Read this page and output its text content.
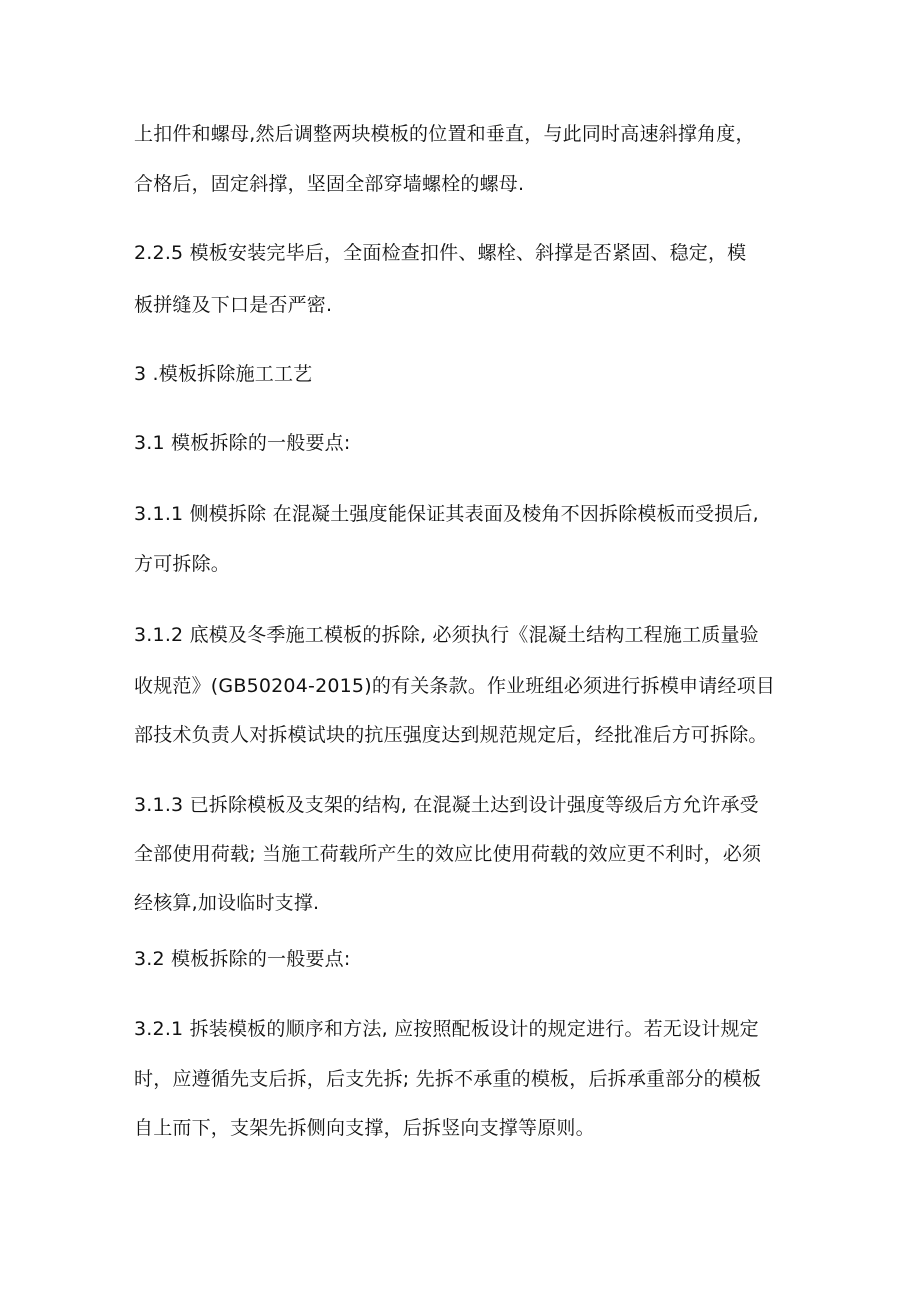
上扣件和螺母,然后调整两块模板的位置和垂直，与此同时高速斜撑角度，
合格后，固定斜撑，坚固全部穿墙螺栓的螺母.
2.2.5 模板安装完毕后，全面检查扣件、螺栓、斜撑是否紧固、稳定，模
板拼缝及下口是否严密.
3 .模板拆除施工工艺
3.1 模板拆除的一般要点:
3.1.1 侧模拆除 在混凝土强度能保证其表面及棱角不因拆除模板而受损后,
方可拆除。
3.1.2 底模及冬季施工模板的拆除, 必须执行《混凝土结构工程施工质量验
收规范》(GB50204-2015)的有关条款。作业班组必须进行拆模申请经项目
部技术负责人对拆模试块的抗压强度达到规范规定后，经批准后方可拆除。
3.1.3 已拆除模板及支架的结构, 在混凝土达到设计强度等级后方允许承受
全部使用荷载; 当施工荷载所产生的效应比使用荷载的效应更不利时，必须
经核算,加设临时支撑.
3.2 模板拆除的一般要点:
3.2.1 拆装模板的顺序和方法, 应按照配板设计的规定进行。若无设计规定
时，应遵循先支后拆，后支先拆; 先拆不承重的模板，后拆承重部分的模板
自上而下，支架先拆侧向支撑，后拆竖向支撑等原则。
